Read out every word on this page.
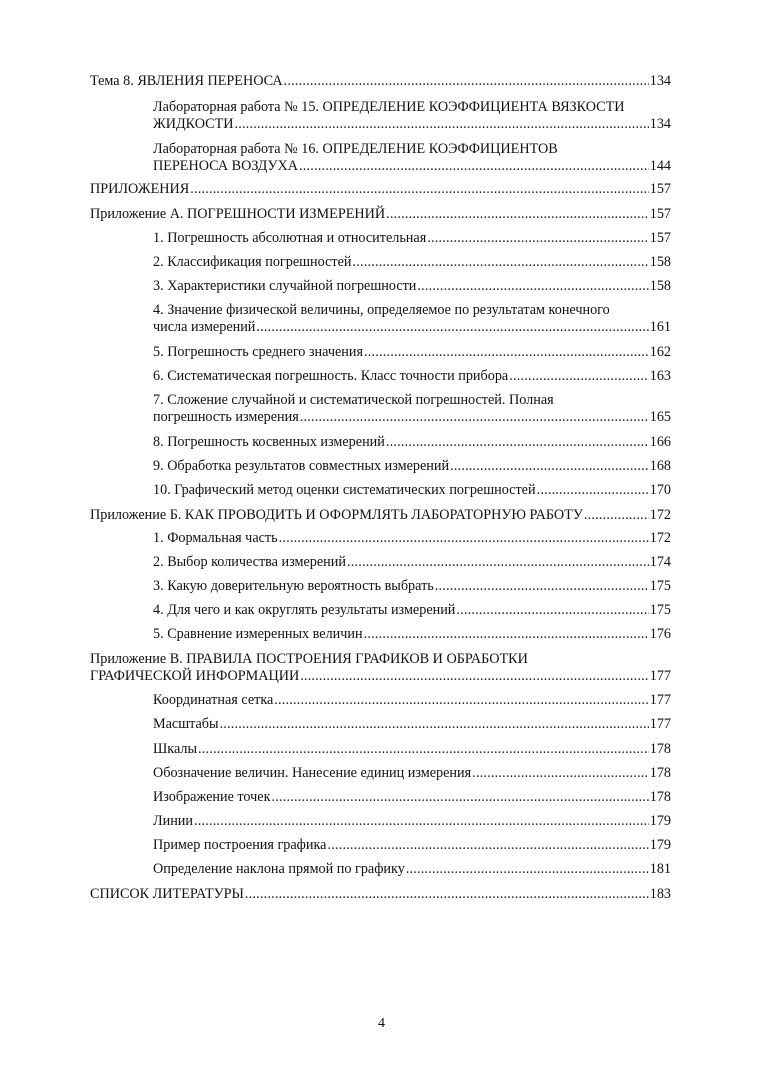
Тема 8. ЯВЛЕНИЯ ПЕРЕНОСА .....	134
Лабораторная работа № 15. ОПРЕДЕЛЕНИЕ КОЭФФИЦИЕНТА ВЯЗКОСТИ
ЖИДКОСТИ .....	134
Лабораторная работа № 16. ОПРЕДЕЛЕНИЕ КОЭФФИЦИЕНТОВ
ПЕРЕНОСА ВОЗДУХА .....	144
ПРИЛОЖЕНИЯ .....	157
Приложение А. ПОГРЕШНОСТИ ИЗМЕРЕНИЙ .....	157
1. Погрешность абсолютная и относительная .....	157
2. Классификация погрешностей .....	158
3. Характеристики случайной погрешности .....	158
4. Значение физической величины, определяемое по результатам конечного
числа измерений .....	161
5. Погрешность среднего значения .....	162
6. Систематическая погрешность. Класс точности прибора .....	163
7. Сложение случайной и систематической погрешностей. Полная
погрешность измерения .....	165
8. Погрешность косвенных измерений .....	166
9. Обработка результатов совместных измерений .....	168
10. Графический метод оценки систематических погрешностей .....	170
Приложение Б. КАК ПРОВОДИТЬ И ОФОРМЛЯТЬ ЛАБОРАТОРНУЮ РАБОТУ .....	172
1. Формальная часть .....	172
2. Выбор количества измерений .....	174
3. Какую доверительную вероятность выбрать .....	175
4. Для чего и как округлять результаты измерений .....	175
5. Сравнение измеренных величин .....	176
Приложение В. ПРАВИЛА ПОСТРОЕНИЯ ГРАФИКОВ И ОБРАБОТКИ
ГРАФИЧЕСКОЙ ИНФОРМАЦИИ .....	177
Координатная сетка .....	177
Масштабы .....	177
Шкалы .....	178
Обозначение величин. Нанесение единиц измерения .....	178
Изображение точек .....	178
Линии .....	179
Пример построения графика .....	179
Определение наклона прямой по графику .....	181
СПИСОК ЛИТЕРАТУРЫ .....	183
4
